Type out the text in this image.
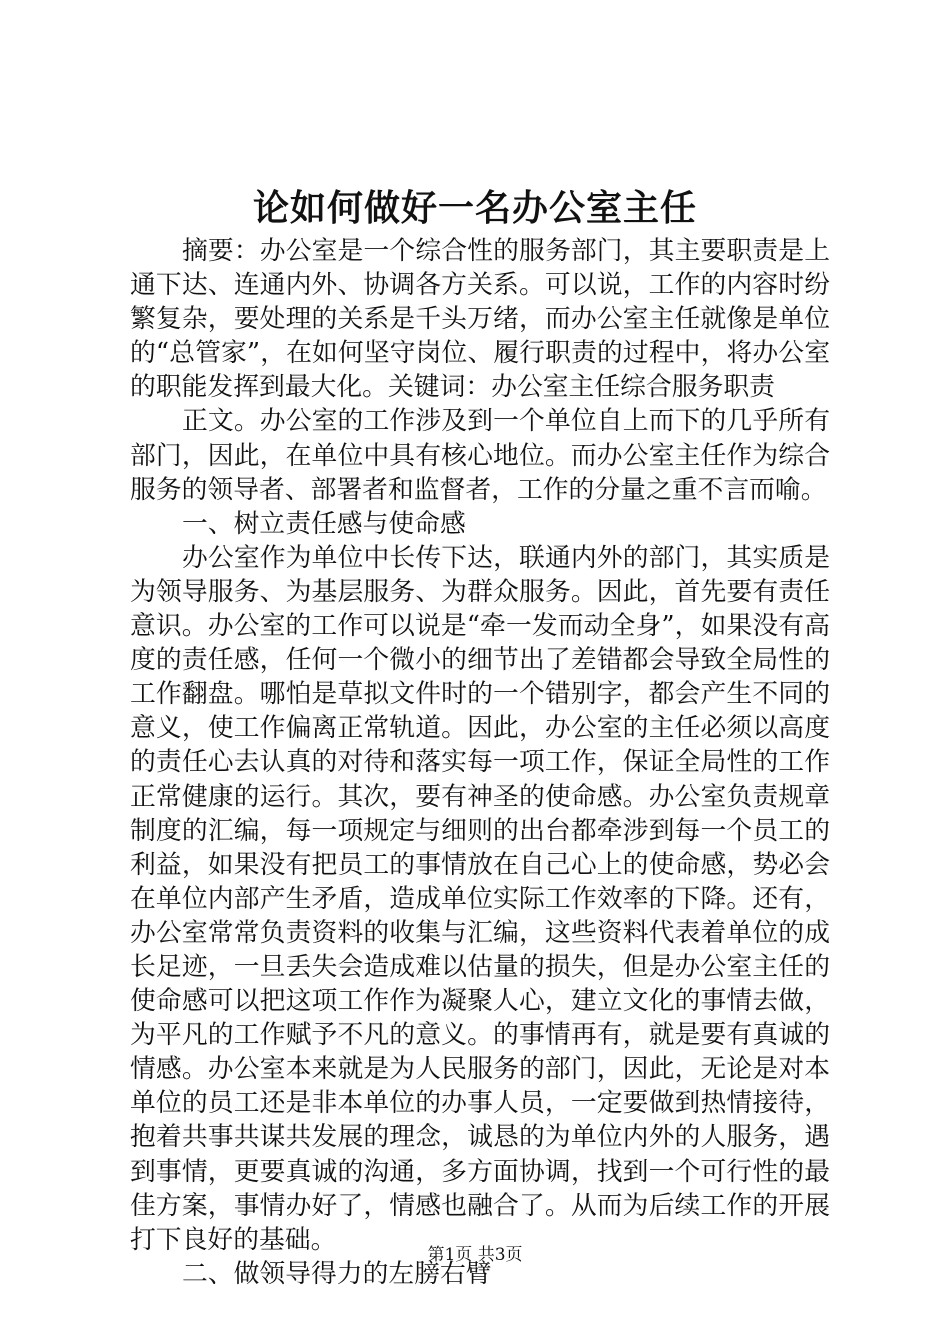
论如何做好一名办公室主任

摘要：办公室是一个综合性的服务部门，其主要职责是上通下达、连通内外、协调各方关系。可以说，工作的内容时纷繁复杂，要处理的关系是千头万绪，而办公室主任就像是单位的“总管家”，在如何坚守岗位、履行职责的过程中，将办公室的职能发挥到最大化。关键词：办公室主任综合服务职责

正文。办公室的工作涉及到一个单位自上而下的几乎所有部门，因此，在单位中具有核心地位。而办公室主任作为综合服务的领导者、部署者和监督者，工作的分量之重不言而喻。

一、树立责任感与使命感

办公室作为单位中长传下达，联通内外的部门，其实质是为领导服务、为基层服务、为群众服务。因此，首先要有责任意识。办公室的工作可以说是“牵一发而动全身”，如果没有高度的责任感，任何一个微小的细节出了差错都会导致全局性的工作翻盘。哪怕是草拟文件时的一个错别字，都会产生不同的意义，使工作偏离正常轨道。因此，办公室的主任必须以高度的责任心去认真的对待和落实每一项工作，保证全局性的工作正常健康的运行。其次，要有神圣的使命感。办公室负责规章制度的汇编，每一项规定与细则的出台都牵涉到每一个员工的利益，如果没有把员工的事情放在自己心上的使命感，势必会在单位内部产生矛盾，造成单位实际工作效率的下降。还有，办公室常常负责资料的收集与汇编，这些资料代表着单位的成长足迹，一旦丢失会造成难以估量的损失，但是办公室主任的使命感可以把这项工作作为凝聚人心，建立文化的事情去做，为平凡的工作赋予不凡的意义。的事情再有，就是要有真诚的情感。办公室本来就是为人民服务的部门，因此，无论是对本单位的员工还是非本单位的办事人员，一定要做到热情接待，抱着共事共谋共发展的理念，诚恳的为单位内外的人服务，遇到事情，更要真诚的沟通，多方面协调，找到一个可行性的最佳方案，事情办好了，情感也融合了。从而为后续工作的开展打下良好的基础。

二、做领导得力的左膀右臂

第1页 共3页
